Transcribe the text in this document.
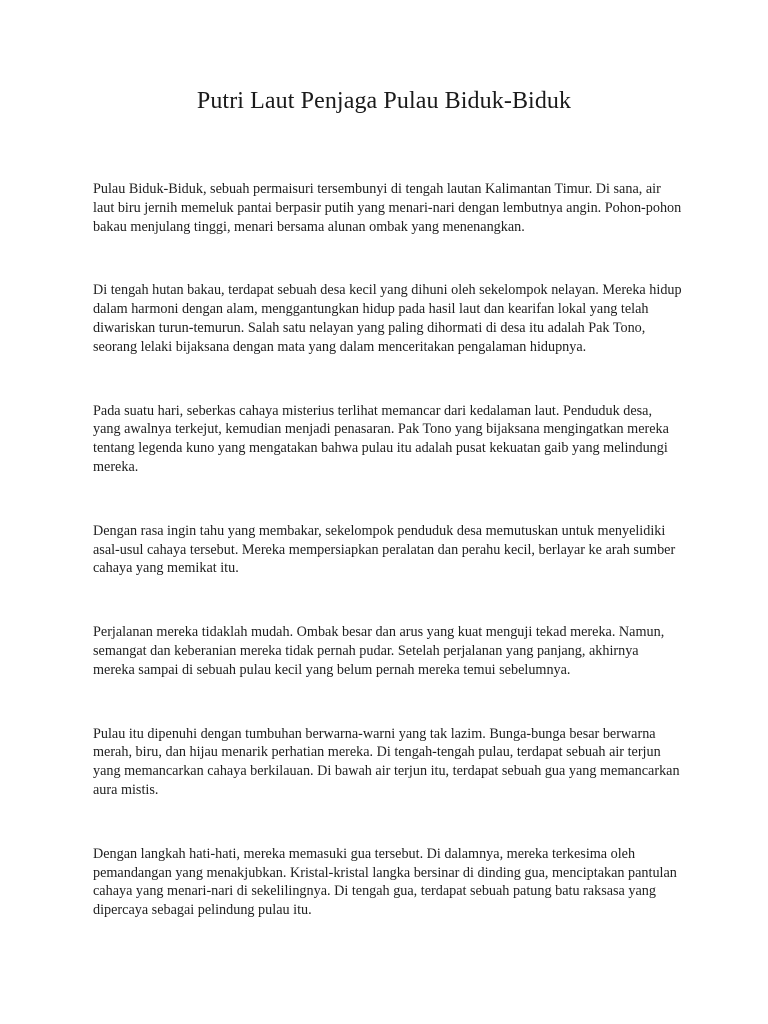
Putri Laut Penjaga Pulau Biduk-Biduk

Pulau Biduk-Biduk, sebuah permaisuri tersembunyi di tengah lautan Kalimantan Timur. Di sana, air laut biru jernih memeluk pantai berpasir putih yang menari-nari dengan lembutnya angin. Pohon-pohon bakau menjulang tinggi, menari bersama alunan ombak yang menenangkan.

Di tengah hutan bakau, terdapat sebuah desa kecil yang dihuni oleh sekelompok nelayan. Mereka hidup dalam harmoni dengan alam, menggantungkan hidup pada hasil laut dan kearifan lokal yang telah diwariskan turun-temurun. Salah satu nelayan yang paling dihormati di desa itu adalah Pak Tono, seorang lelaki bijaksana dengan mata yang dalam menceritakan pengalaman hidupnya.

Pada suatu hari, seberkas cahaya misterius terlihat memancar dari kedalaman laut. Penduduk desa, yang awalnya terkejut, kemudian menjadi penasaran. Pak Tono yang bijaksana mengingatkan mereka tentang legenda kuno yang mengatakan bahwa pulau itu adalah pusat kekuatan gaib yang melindungi mereka.

Dengan rasa ingin tahu yang membakar, sekelompok penduduk desa memutuskan untuk menyelidiki asal-usul cahaya tersebut. Mereka mempersiapkan peralatan dan perahu kecil, berlayar ke arah sumber cahaya yang memikat itu.

Perjalanan mereka tidaklah mudah. Ombak besar dan arus yang kuat menguji tekad mereka. Namun, semangat dan keberanian mereka tidak pernah pudar. Setelah perjalanan yang panjang, akhirnya mereka sampai di sebuah pulau kecil yang belum pernah mereka temui sebelumnya.

Pulau itu dipenuhi dengan tumbuhan berwarna-warni yang tak lazim. Bunga-bunga besar berwarna merah, biru, dan hijau menarik perhatian mereka. Di tengah-tengah pulau, terdapat sebuah air terjun yang memancarkan cahaya berkilauan. Di bawah air terjun itu, terdapat sebuah gua yang memancarkan aura mistis.

Dengan langkah hati-hati, mereka memasuki gua tersebut. Di dalamnya, mereka terkesima oleh pemandangan yang menakjubkan. Kristal-kristal langka bersinar di dinding gua, menciptakan pantulan cahaya yang menari-nari di sekelilingnya. Di tengah gua, terdapat sebuah patung batu raksasa yang dipercaya sebagai pelindung pulau itu.
